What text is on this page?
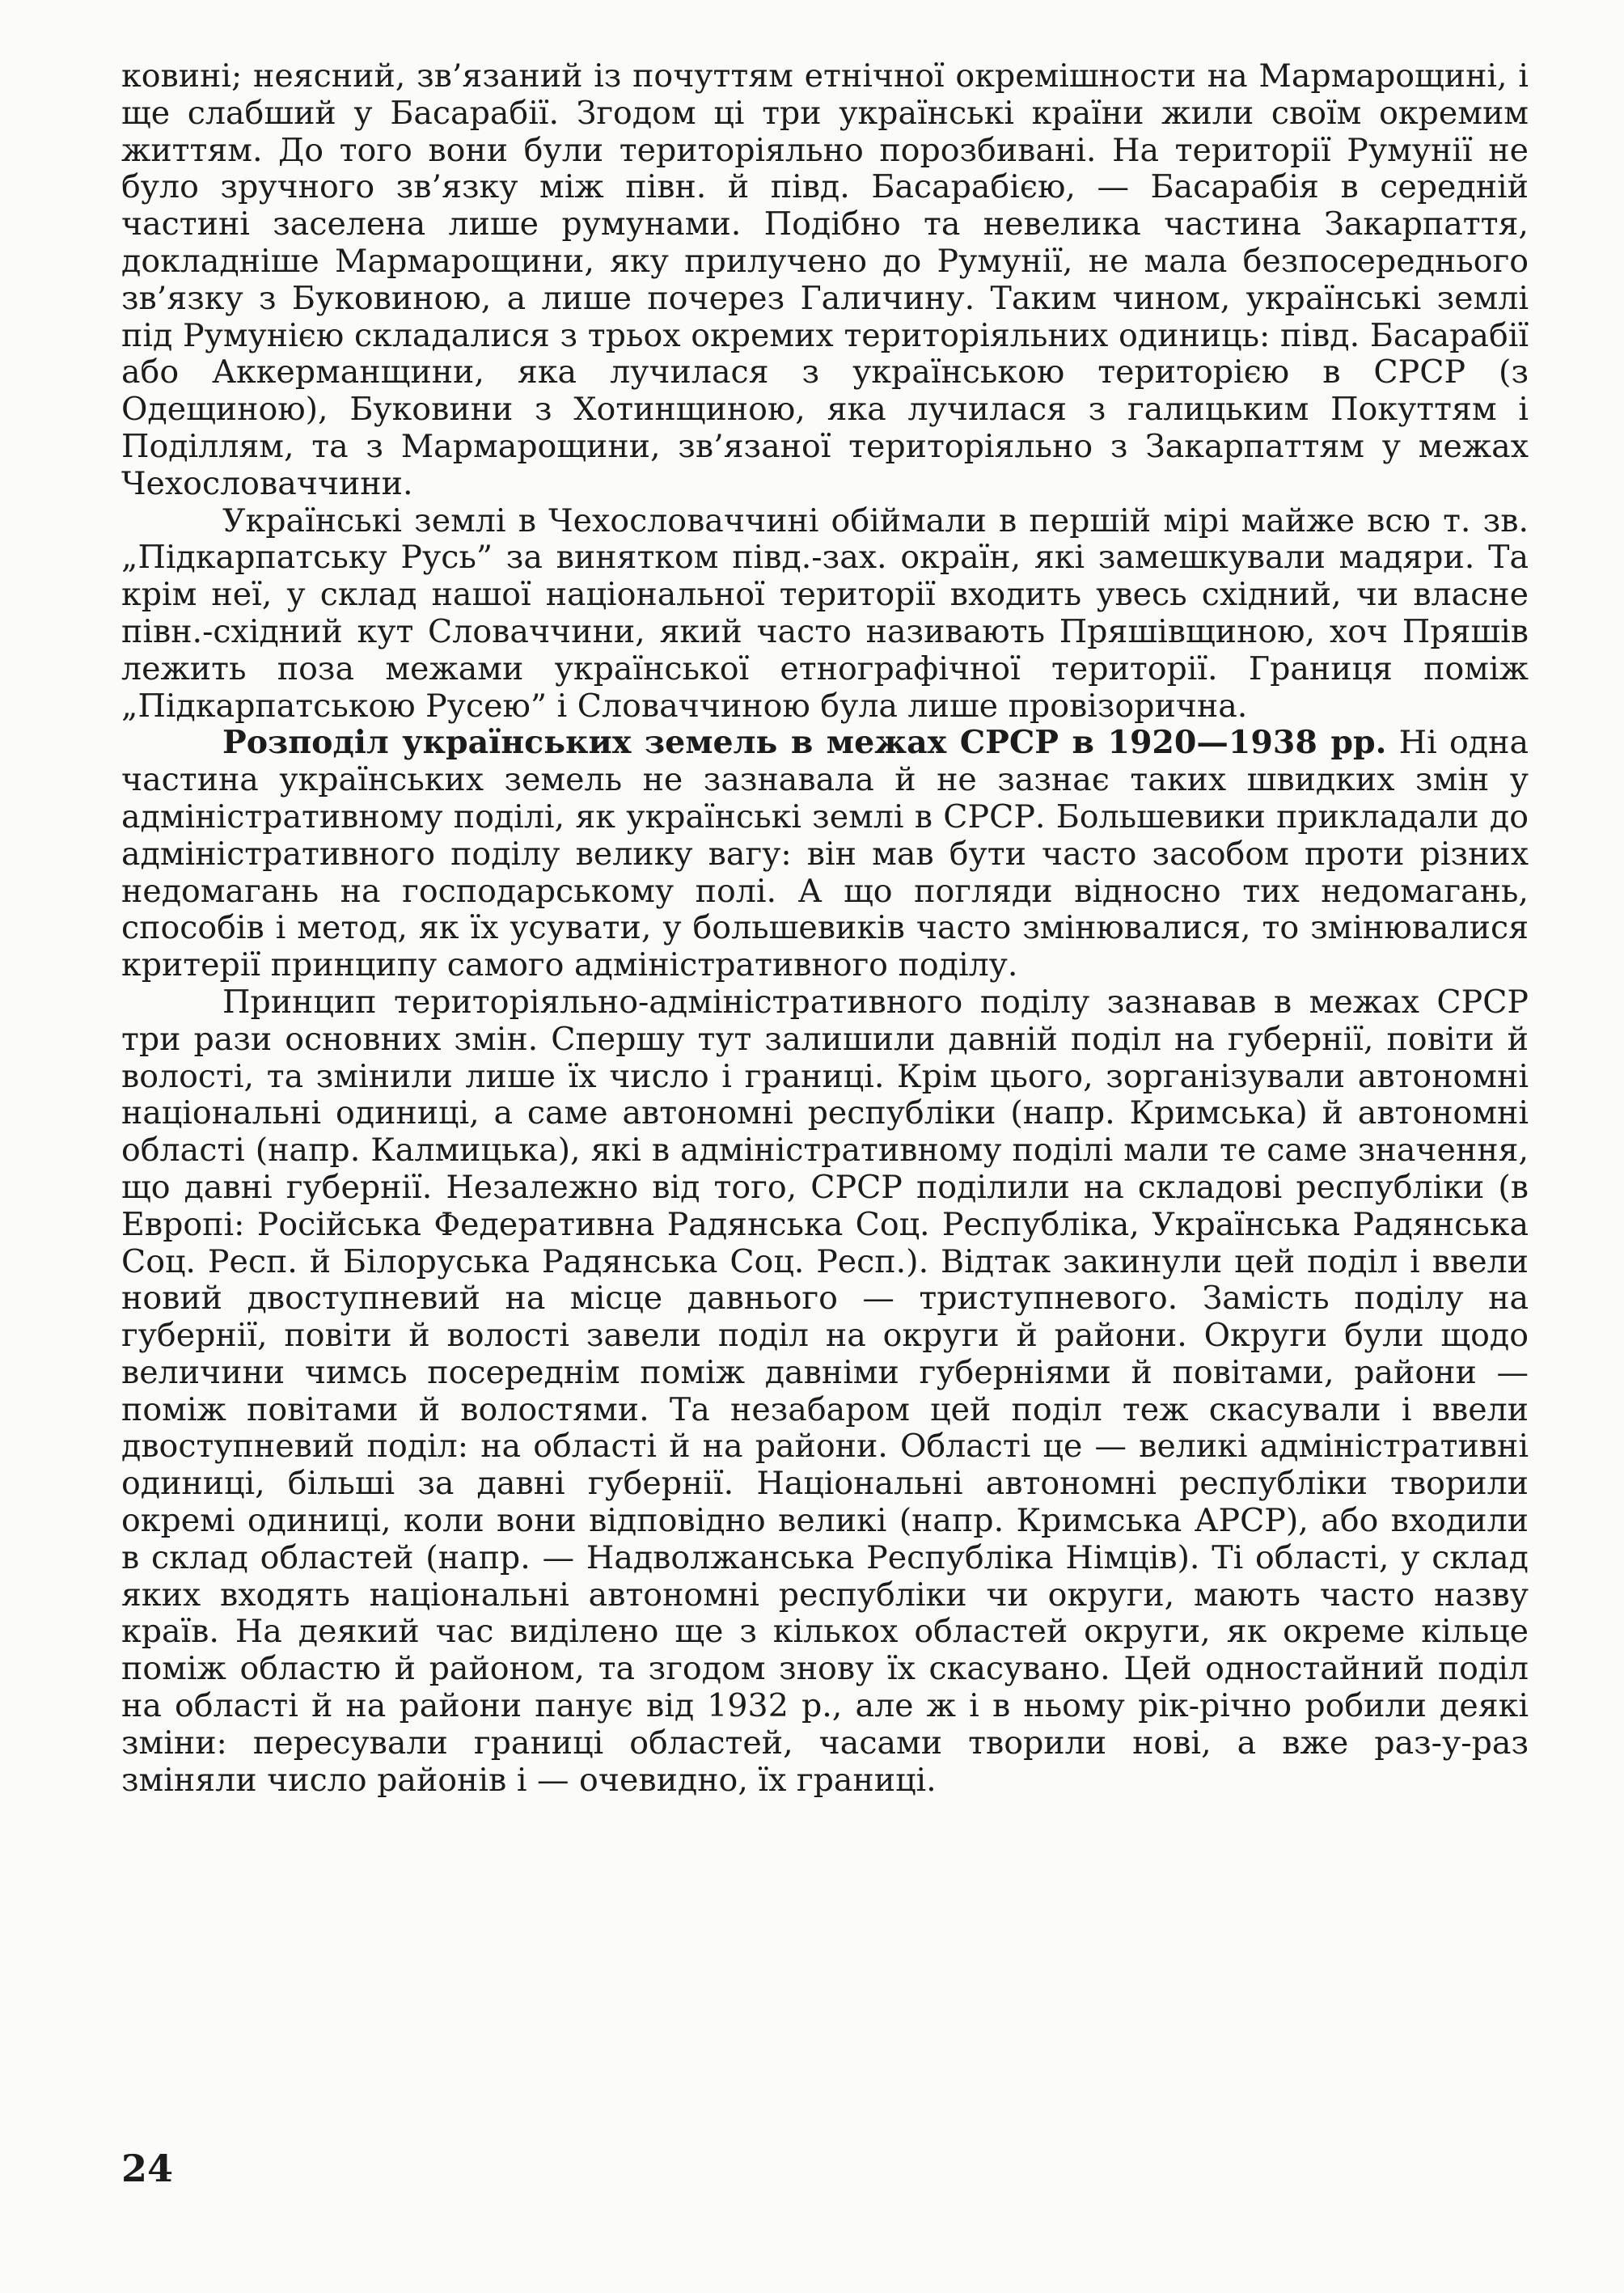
ковині; неясний, зв’язаний із почуттям етнічної окремішности на Мармарощині, і ще слабший у Басарабії. Згодом ці три українські країни жили своїм окремим життям. До того вони були територіяльно порозбивані. На території Румунії не було зручного зв’язку між півн. й півд. Басарабією, — Басарабія в середній частині заселена лише румунами. Подібно та невелика частина Закарпаття, докладніше Мармарощини, яку прилучено до Румунії, не мала безпосереднього зв’язку з Буковиною, а лише почерез Галичину. Таким чином, українські землі під Румунією складалися з трьох окремих територіяльних одиниць: півд. Басарабії або Аккерманщини, яка лучилася з українською територією в СРСР (з Одещиною), Буковини з Хотинщиною, яка лучилася з галицьким Покуттям і Поділлям, та з Мармарощини, зв’язаної територіяльно з Закарпаттям у межах Чехословаччини.

Українські землі в Чехословаччині обіймали в першій мірі майже всю т. зв. „Підкарпатську Русь” за винятком півд.-зах. окраїн, які замешкували мадяри. Та крім неї, у склад нашої національної території входить увесь східний, чи власне півн.-східний кут Словаччини, який часто називають Пряшівщиною, хоч Пряшів лежить поза межами української етнографічної території. Границя поміж „Підкарпатською Русею” і Словаччиною була лише провізорична.

Розподіл українських земель в межах СРСР в 1920—1938 рр. Ні одна частина українських земель не зазнавала й не зазнає таких швидких змін у адміністративному поділі, як українські землі в СРСР. Большевики прикладали до адміністративного поділу велику вагу: він мав бути часто засобом проти різних недомагань на господарському полі. А що погляди відносно тих недомагань, способів і метод, як їх усувати, у большевиків часто змінювалися, то змінювалися критерії принципу самого адміністративного поділу.

Принцип територіяльно-адміністративного поділу зазнавав в межах СРСР три рази основних змін. Спершу тут залишили давній поділ на губернії, повіти й волості, та змінили лише їх число і границі. Крім цього, зорганізували автономні національні одиниці, а саме автономні республіки (напр. Кримська) й автономні області (напр. Калмицька), які в адміністративному поділі мали те саме значення, що давні губернії. Незалежно від того, СРСР поділили на складові республіки (в Европі: Російська Федеративна Радянська Соц. Республіка, Українська Радянська Соц. Респ. й Білоруська Радянська Соц. Респ.). Відтак закинули цей поділ і ввели новий двоступневий на місце давнього — триступневого. Замість поділу на губернії, повіти й волості завели поділ на округи й райони. Округи були щодо величини чимсь посереднім поміж давніми губерніями й повітами, райони — поміж повітами й волостями. Та незабаром цей поділ теж скасували і ввели двоступневий поділ: на області й на райони. Області це — великі адміністративні одиниці, більші за давні губернії. Національні автономні республіки творили окремі одиниці, коли вони відповідно великі (напр. Кримська АРСР), або входили в склад областей (напр. — Надволжанська Республіка Німців). Ті області, у склад яких входять національні автономні республіки чи округи, мають часто назву країв. На деякий час виділено ще з кількох областей округи, як окреме кільце поміж областю й районом, та згодом знову їх скасувано. Цей одностайний поділ на області й на райони панує від 1932 р., але ж і в ньому рік-річно робили деякі зміни: пересували границі областей, часами творили нові, а вже раз-у-раз зміняли число районів і — очевидно, їх границі.

24
